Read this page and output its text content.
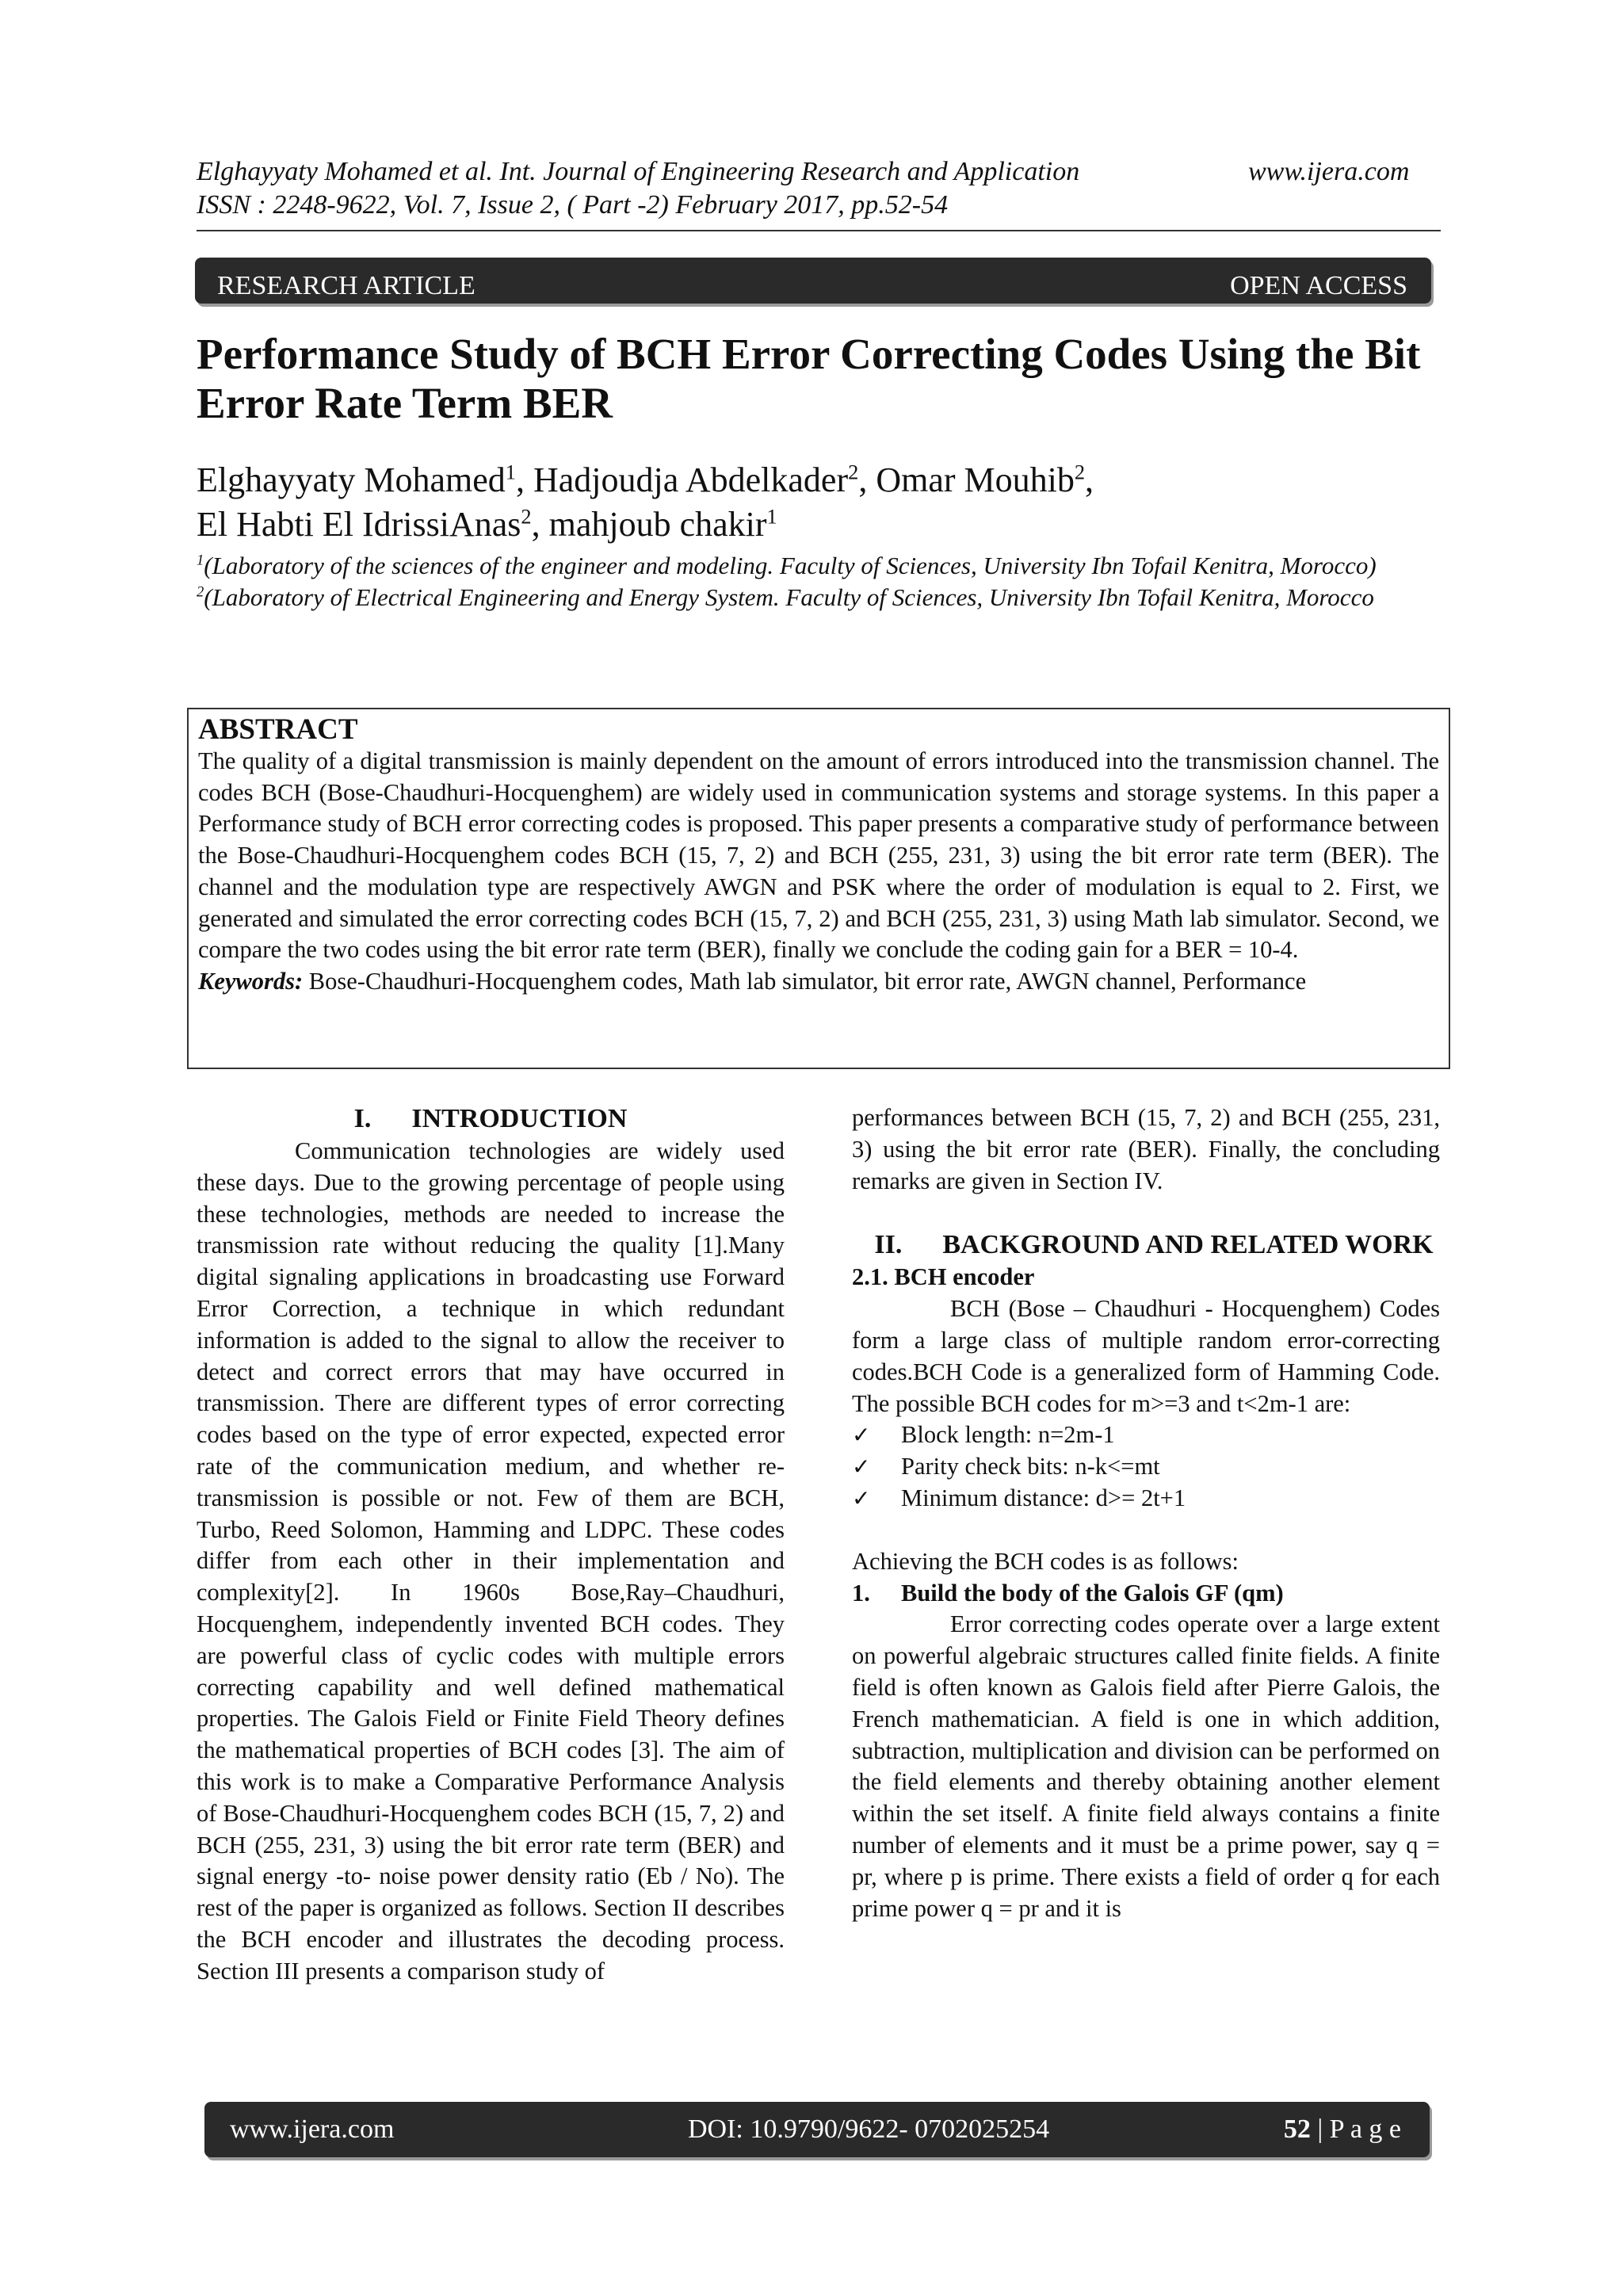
Elghayyaty Mohamed et al. Int. Journal of Engineering Research and Application	www.ijera.com
ISSN : 2248-9622, Vol. 7, Issue 2, ( Part -2) February 2017, pp.52-54
RESEARCH ARTICLE	OPEN ACCESS
Performance Study of BCH Error Correcting Codes Using the Bit Error Rate Term BER
Elghayyaty Mohamed$^1$, Hadjoudja Abdelkader$^2$, Omar Mouhib$^2$,
El Habti El IdrissiAnas$^2$, mahjoub chakir$^1$
$^1$(Laboratory of the sciences of the engineer and modeling. Faculty of Sciences, University Ibn Tofail Kenitra, Morocco)
$^2$(Laboratory of Electrical Engineering and Energy System. Faculty of Sciences, University Ibn Tofail Kenitra, Morocco
ABSTRACT

The quality of a digital transmission is mainly dependent on the amount of errors introduced into the transmission channel. The codes BCH (Bose-Chaudhuri-Hocquenghem) are widely used in communication systems and storage systems. In this paper a Performance study of BCH error correcting codes is proposed. This paper presents a comparative study of performance between the Bose-Chaudhuri-Hocquenghem codes BCH (15, 7, 2) and BCH (255, 231, 3) using the bit error rate term (BER). The channel and the modulation type are respectively AWGN and PSK where the order of modulation is equal to 2. First, we generated and simulated the error correcting codes BCH (15, 7, 2) and BCH (255, 231, 3) using Math lab simulator. Second, we compare the two codes using the bit error rate term (BER), finally we conclude the coding gain for a BER = 10-4.

Keywords: Bose-Chaudhuri-Hocquenghem codes, Math lab simulator, bit error rate, AWGN channel, Performance

I.      INTRODUCTION

Communication technologies are widely used these days. Due to the growing percentage of people using these technologies, methods are needed to increase the transmission rate without reducing the quality [1].Many digital signaling applications in broadcasting use Forward Error Correction, a technique in which redundant information is added to the signal to allow the receiver to detect and correct errors that may have occurred in transmission. There are different types of error correcting codes based on the type of error expected, expected error rate of the communication medium, and whether re-transmission is possible or not. Few of them are BCH, Turbo, Reed Solomon, Hamming and LDPC. These codes differ from each other in their implementation and complexity[2]. In 1960s Bose,Ray–Chaudhuri, Hocquenghem, independently invented BCH codes. They are powerful class of cyclic codes with multiple errors correcting capability and well defined mathematical properties. The Galois Field or Finite Field Theory defines the mathematical properties of BCH codes [3]. The aim of this work is to make a Comparative Performance Analysis of Bose-Chaudhuri-Hocquenghem codes BCH (15, 7, 2) and BCH (255, 231, 3) using the bit error rate term (BER) and signal energy -to- noise power density ratio (Eb / No). The rest of the paper is organized as follows. Section II describes the BCH encoder and illustrates the decoding process. Section III presents a comparison study of

performances between BCH (15, 7, 2) and BCH (255, 231, 3) using the bit error rate (BER). Finally, the concluding remarks are given in Section IV.

II.      BACKGROUND AND RELATED WORK

2.1. BCH encoder

BCH (Bose – Chaudhuri - Hocquenghem) Codes form a large class of multiple random error-correcting codes.BCH Code is a generalized form of Hamming Code. The possible BCH codes for m>=3 and t<2m-1 are:

✓	Block length: n=2m-1
✓	Parity check bits: n-k<=mt
✓	Minimum distance: d>= 2t+1

Achieving the BCH codes is as follows:

1.	Build the body of the Galois GF (qm)

Error correcting codes operate over a large extent on powerful algebraic structures called finite fields. A finite field is often known as Galois field after Pierre Galois, the French mathematician. A field is one in which addition, subtraction, multiplication and division can be performed on the field elements and thereby obtaining another element within the set itself. A finite field always contains a finite number of elements and it must be a prime power, say q = pr, where p is prime. There exists a field of order q for each prime power q = pr and it is

www.ijera.com	DOI: 10.9790/9622- 0702025254	52 | P a g e
